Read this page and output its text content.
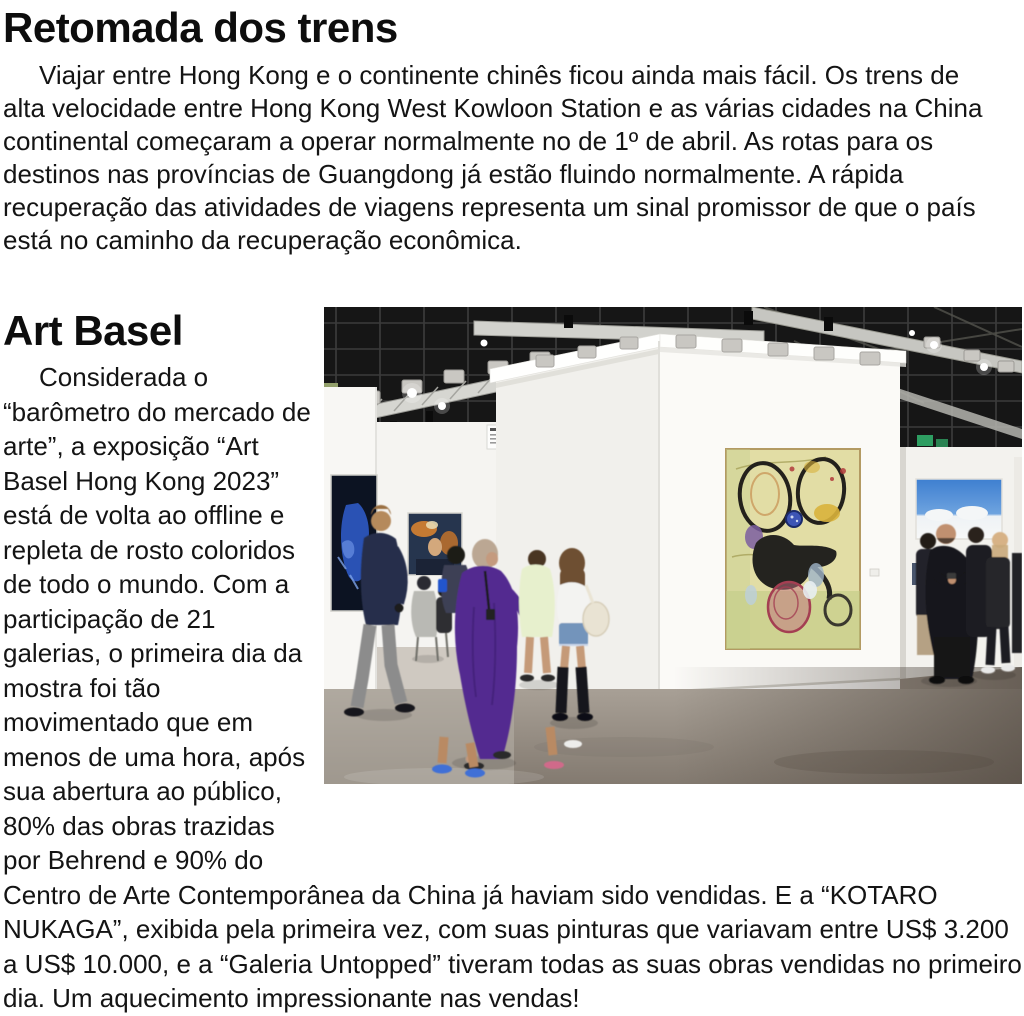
Retomada dos trens

Viajar entre Hong Kong e o continente chinês ficou ainda mais fácil. Os trens de alta velocidade entre Hong Kong West Kowloon Station e as várias cidades na China continental começaram a operar normalmente no de 1º de abril. As rotas para os destinos nas províncias de Guangdong já estão fluindo normalmente. A rápida recuperação das atividades de viagens representa um sinal promissor de que o país está no caminho da recuperação econômica.

Art Basel

Considerada o “barômetro do mercado de arte”, a exposição “Art Basel Hong Kong 2023” está de volta ao offline e repleta de rosto coloridos de todo o mundo. Com a participação de 21 galerias, o primeira dia da mostra foi tão movimentado que em menos de uma hora, após sua abertura ao público, 80% das obras trazidas por Behrend e 90% do Centro de Arte Contemporânea da China já haviam sido vendidas. E a “KOTARO NUKAGA”, exibida pela primeira vez, com suas pinturas que variavam entre US$ 3.200 a US$ 10.000, e a “Galeria Untopped” tiveram todas as suas obras vendidas no primeiro dia. Um aquecimento impressionante nas vendas!
